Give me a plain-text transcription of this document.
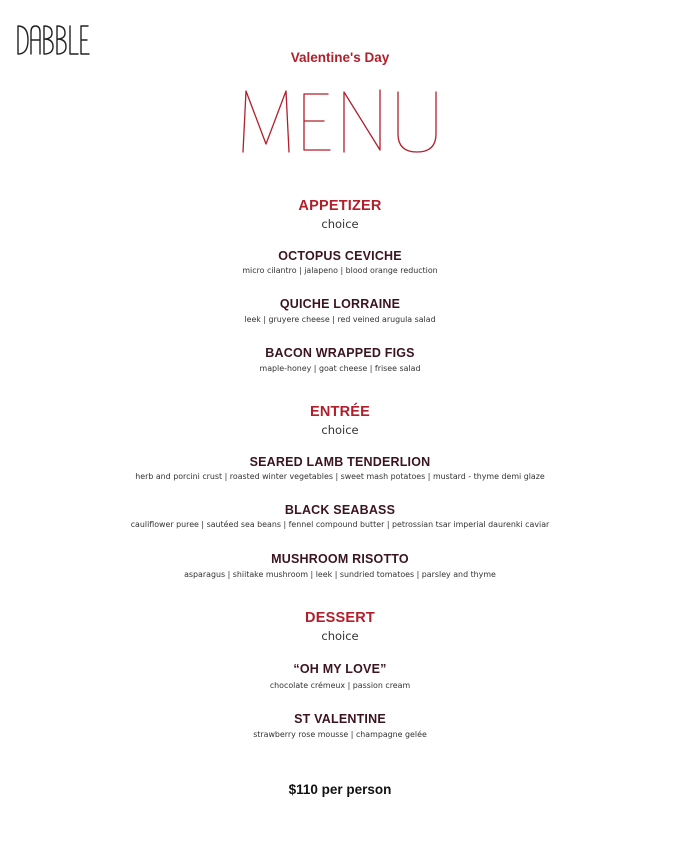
Valentine's Day
APPETIZER
choice
OCTOPUS CEVICHE
micro cilantro | jalapeno | blood orange reduction
QUICHE LORRAINE
leek | gruyere cheese | red veined arugula salad
BACON WRAPPED FIGS
maple-honey | goat cheese | frisee salad
ENTRÉE
choice
SEARED LAMB TENDERLION
herb and porcini crust | roasted winter vegetables | sweet mash potatoes | mustard - thyme demi glaze
BLACK SEABASS
cauliflower puree | sautéed sea beans | fennel compound butter | petrossian tsar imperial daurenki caviar
MUSHROOM RISOTTO
asparagus | shiitake mushroom | leek | sundried tomatoes | parsley and thyme
DESSERT
choice
“OH MY LOVE”
chocolate crémeux | passion cream
ST VALENTINE
strawberry rose mousse | champagne gelée
$110 per person
